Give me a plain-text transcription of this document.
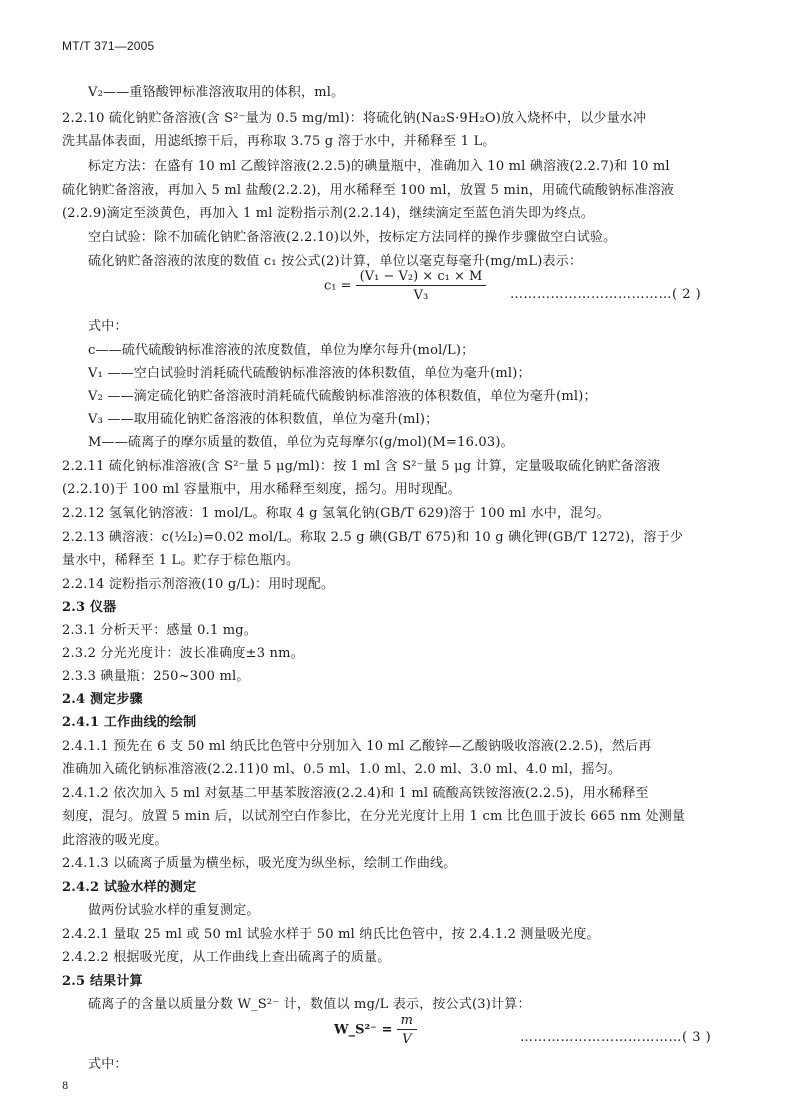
MT/T 371—2005
V₂——重铬酸钾标准溶液取用的体积，ml。
2.2.10 硫化钠贮备溶液(含 S²⁻量为 0.5 mg/ml)：将硫化钠(Na₂S·9H₂O)放入烧杯中，以少量水冲
洗其晶体表面，用滤纸擦干后，再称取 3.75 g 溶于水中，并稀释至 1 L。
标定方法：在盛有 10 ml 乙酸锌溶液(2.2.5)的碘量瓶中，准确加入 10 ml 碘溶液(2.2.7)和 10 ml
硫化钠贮备溶液，再加入 5 ml 盐酸(2.2.2)，用水稀释至 100 ml，放置 5 min，用硫代硫酸钠标准溶液
(2.2.9)滴定至淡黄色，再加入 1 ml 淀粉指示剂(2.2.14)，继续滴定至蓝色消失即为终点。
空白试验：除不加硫化钠贮备溶液(2.2.10)以外，按标定方法同样的操作步骤做空白试验。
硫化钠贮备溶液的浓度的数值 c₁ 按公式(2)计算，单位以毫克每毫升(mg/mL)表示：
$c_1 = \frac{\text{(V₁ − V₂) × c₁ × M}}{\text{V₃}}$ ………………………………( 2 )
式中：
c——硫代硫酸钠标准溶液的浓度数值，单位为摩尔每升(mol/L)；
V₁ ——空白试验时消耗硫代硫酸钠标准溶液的体积数值，单位为毫升(ml)；
V₂ ——滴定硫化钠贮备溶液时消耗硫代硫酸钠标准溶液的体积数值，单位为毫升(ml)；
V₃ ——取用硫化钠贮备溶液的体积数值，单位为毫升(ml)；
M——硫离子的摩尔质量的数值，单位为克每摩尔(g/mol)(M=16.03)。
2.2.11 硫化钠标准溶液(含 S²⁻量 5 μg/ml)：按 1 ml 含 S²⁻量 5 μg 计算，定量吸取硫化钠贮备溶液
(2.2.10)于 100 ml 容量瓶中，用水稀释至刻度，摇匀。用时现配。
2.2.12 氢氧化钠溶液：1 mol/L。称取 4 g 氢氧化钠(GB/T 629)溶于 100 ml 水中，混匀。
2.2.13 碘溶液：c(½I₂)=0.02 mol/L。称取 2.5 g 碘(GB/T 675)和 10 g 碘化钾(GB/T 1272)，溶于少
量水中，稀释至 1 L。贮存于棕色瓶内。
2.2.14 淀粉指示剂溶液(10 g/L)：用时现配。
2.3 仪器
2.3.1 分析天平：感量 0.1 mg。
2.3.2 分光光度计：波长准确度±3 nm。
2.3.3 碘量瓶：250~300 ml。
2.4 测定步骤
2.4.1 工作曲线的绘制
2.4.1.1 预先在 6 支 50 ml 纳氏比色管中分别加入 10 ml 乙酸锌—乙酸钠吸收溶液(2.2.5)，然后再
准确加入硫化钠标准溶液(2.2.11)0 ml、0.5 ml、1.0 ml、2.0 ml、3.0 ml、4.0 ml，摇匀。
2.4.1.2 依次加入 5 ml 对氨基二甲基苯胺溶液(2.2.4)和 1 ml 硫酸高铁铵溶液(2.2.5)，用水稀释至
刻度，混匀。放置 5 min 后，以试剂空白作参比，在分光光度计上用 1 cm 比色皿于波长 665 nm 处测量
此溶液的吸光度。
2.4.1.3 以硫离子质量为横坐标，吸光度为纵坐标，绘制工作曲线。
2.4.2 试验水样的测定
做两份试验水样的重复测定。
2.4.2.1 量取 25 ml 或 50 ml 试验水样于 50 ml 纳氏比色管中，按 2.4.1.2 测量吸光度。
2.4.2.2 根据吸光度，从工作曲线上查出硫离子的质量。
2.5 结果计算
硫离子的含量以质量分数 W_S²⁻ 计，数值以 mg/L 表示，按公式(3)计算：
W_S²⁻ = $\frac{m}{V}$	………………………………( 3 )
式中：
8
